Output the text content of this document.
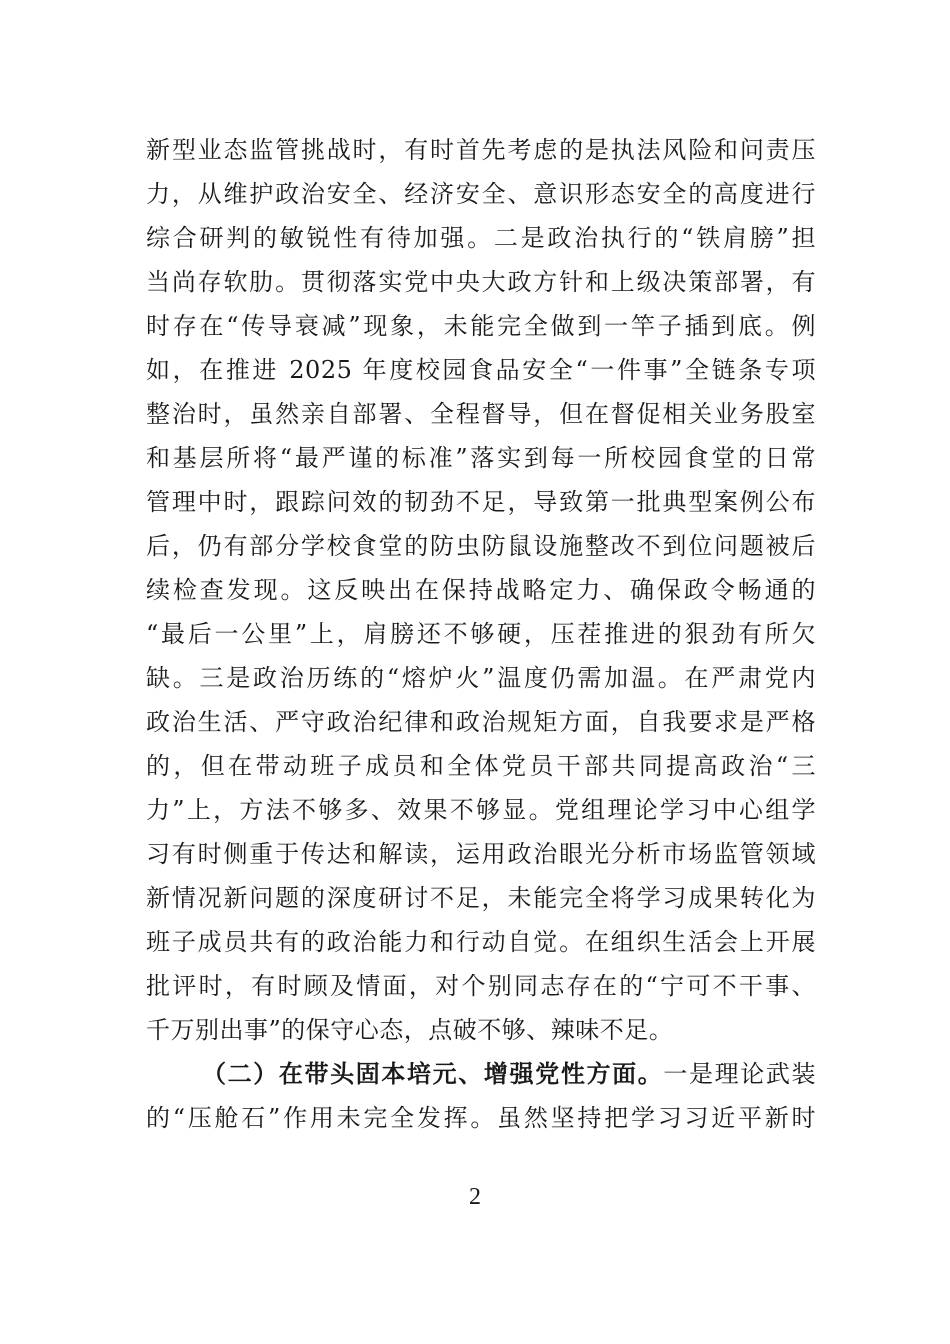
新型业态监管挑战时，有时首先考虑的是执法风险和问责压
力，从维护政治安全、经济安全、意识形态安全的高度进行
综合研判的敏锐性有待加强。二是政治执行的“铁肩膀”担
当尚存软肋。贯彻落实党中央大政方针和上级决策部署，有
时存在“传导衰减”现象，未能完全做到一竿子插到底。例
如，在推进 2025 年度校园食品安全“一件事”全链条专项
整治时，虽然亲自部署、全程督导，但在督促相关业务股室
和基层所将“最严谨的标准”落实到每一所校园食堂的日常
管理中时，跟踪问效的韧劲不足，导致第一批典型案例公布
后，仍有部分学校食堂的防虫防鼠设施整改不到位问题被后
续检查发现。这反映出在保持战略定力、确保政令畅通的
“最后一公里”上，肩膀还不够硬，压茬推进的狠劲有所欠
缺。三是政治历练的“熔炉火”温度仍需加温。在严肃党内
政治生活、严守政治纪律和政治规矩方面，自我要求是严格
的，但在带动班子成员和全体党员干部共同提高政治“三
力”上，方法不够多、效果不够显。党组理论学习中心组学
习有时侧重于传达和解读，运用政治眼光分析市场监管领域
新情况新问题的深度研讨不足，未能完全将学习成果转化为
班子成员共有的政治能力和行动自觉。在组织生活会上开展
批评时，有时顾及情面，对个别同志存在的“宁可不干事、
千万别出事”的保守心态，点破不够、辣味不足。
（二）在带头固本培元、增强党性方面。一是理论武装
的“压舱石”作用未完全发挥。虽然坚持把学习习近平新时
2
